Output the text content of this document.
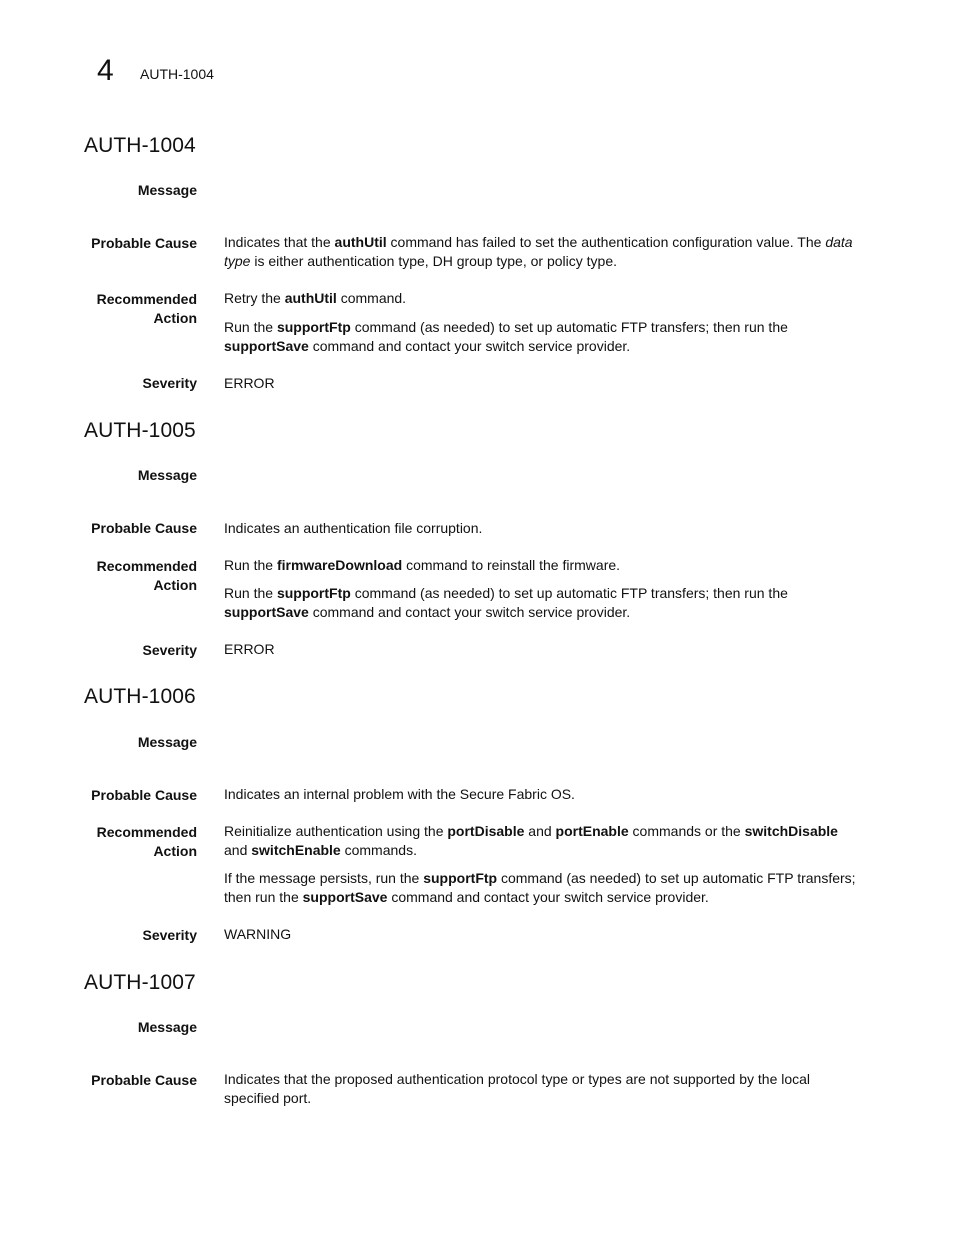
4 AUTH-1004
AUTH-1004
Message
Probable Cause Indicates that the authUtil command has failed to set the authentication configuration value. The data type is either authentication type, DH group type, or policy type.
Recommended
Action
Retry the authUtil command.
Run the supportFtp command (as needed) to set up automatic FTP transfers; then run the supportSave command and contact your switch service provider.
Severity ERROR
AUTH-1005
Message
Probable Cause Indicates an authentication file corruption.
Recommended
Action
Run the firmwareDownload command to reinstall the firmware.
Run the supportFtp command (as needed) to set up automatic FTP transfers; then run the supportSave command and contact your switch service provider.
Severity ERROR
AUTH-1006
Message
Probable Cause Indicates an internal problem with the Secure Fabric OS.
Recommended
Action
Reinitialize authentication using the portDisable and portEnable commands or the switchDisable and switchEnable commands.
If the message persists, run the supportFtp command (as needed) to set up automatic FTP transfers; then run the supportSave command and contact your switch service provider.
Severity WARNING
AUTH-1007
Message
Probable Cause Indicates that the proposed authentication protocol type or types are not supported by the local specified port.
